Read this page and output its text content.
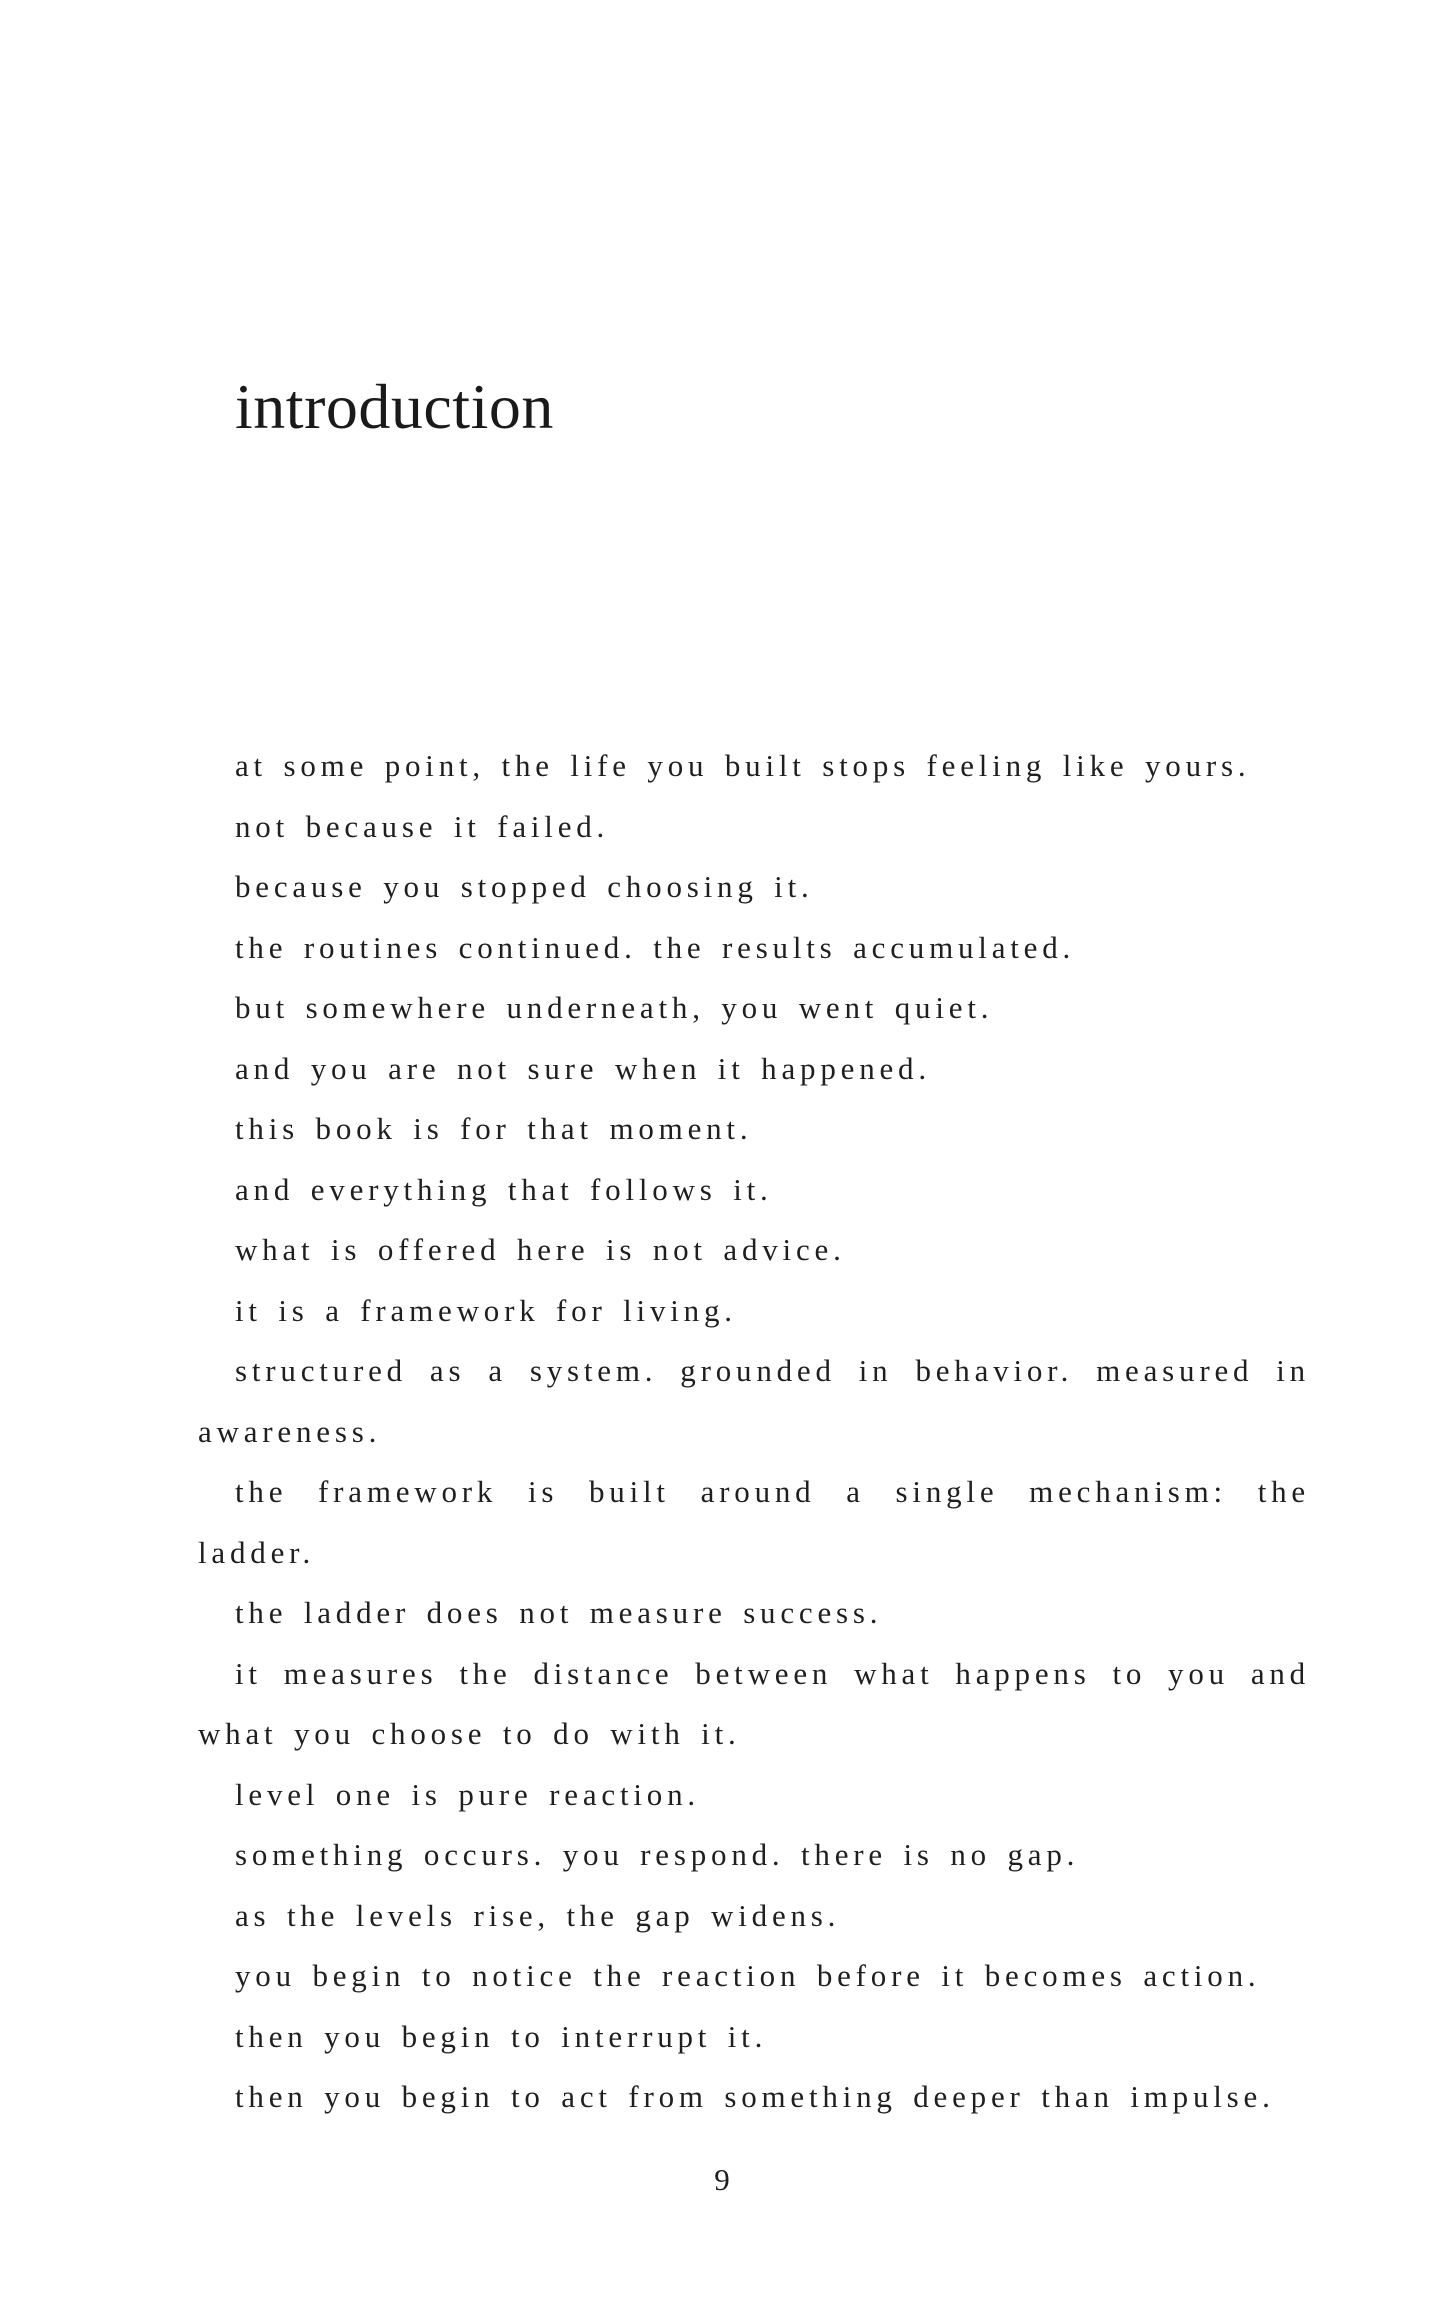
introduction

at some point, the life you built stops feeling like yours.

not because it failed.

because you stopped choosing it.

the routines continued. the results accumulated.

but somewhere underneath, you went quiet.

and you are not sure when it happened.

this book is for that moment.

and everything that follows it.

what is offered here is not advice.

it is a framework for living.

structured as a system. grounded in behavior. measured in awareness.

the framework is built around a single mechanism: the ladder.

the ladder does not measure success.

it measures the distance between what happens to you and what you choose to do with it.

level one is pure reaction.

something occurs. you respond. there is no gap.

as the levels rise, the gap widens.

you begin to notice the reaction before it becomes action.

then you begin to interrupt it.

then you begin to act from something deeper than impulse.

9
